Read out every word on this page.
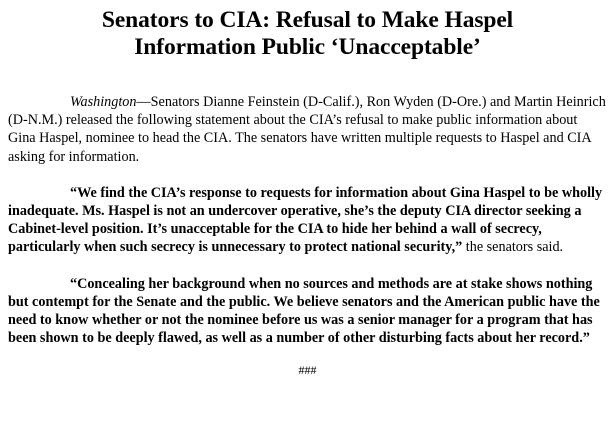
Senators to CIA: Refusal to Make Haspel
Information Public ‘Unacceptable’

Washington—Senators Dianne Feinstein (D-Calif.), Ron Wyden (D-Ore.) and Martin Heinrich (D-N.M.) released the following statement about the CIA’s refusal to make public information about Gina Haspel, nominee to head the CIA. The senators have written multiple requests to Haspel and CIA asking for information.

“We find the CIA’s response to requests for information about Gina Haspel to be wholly inadequate. Ms. Haspel is not an undercover operative, she’s the deputy CIA director seeking a Cabinet-level position. It’s unacceptable for the CIA to hide her behind a wall of secrecy, particularly when such secrecy is unnecessary to protect national security,” the senators said.

“Concealing her background when no sources and methods are at stake shows nothing but contempt for the Senate and the public. We believe senators and the American public have the need to know whether or not the nominee before us was a senior manager for a program that has been shown to be deeply flawed, as well as a number of other disturbing facts about her record.”

###
